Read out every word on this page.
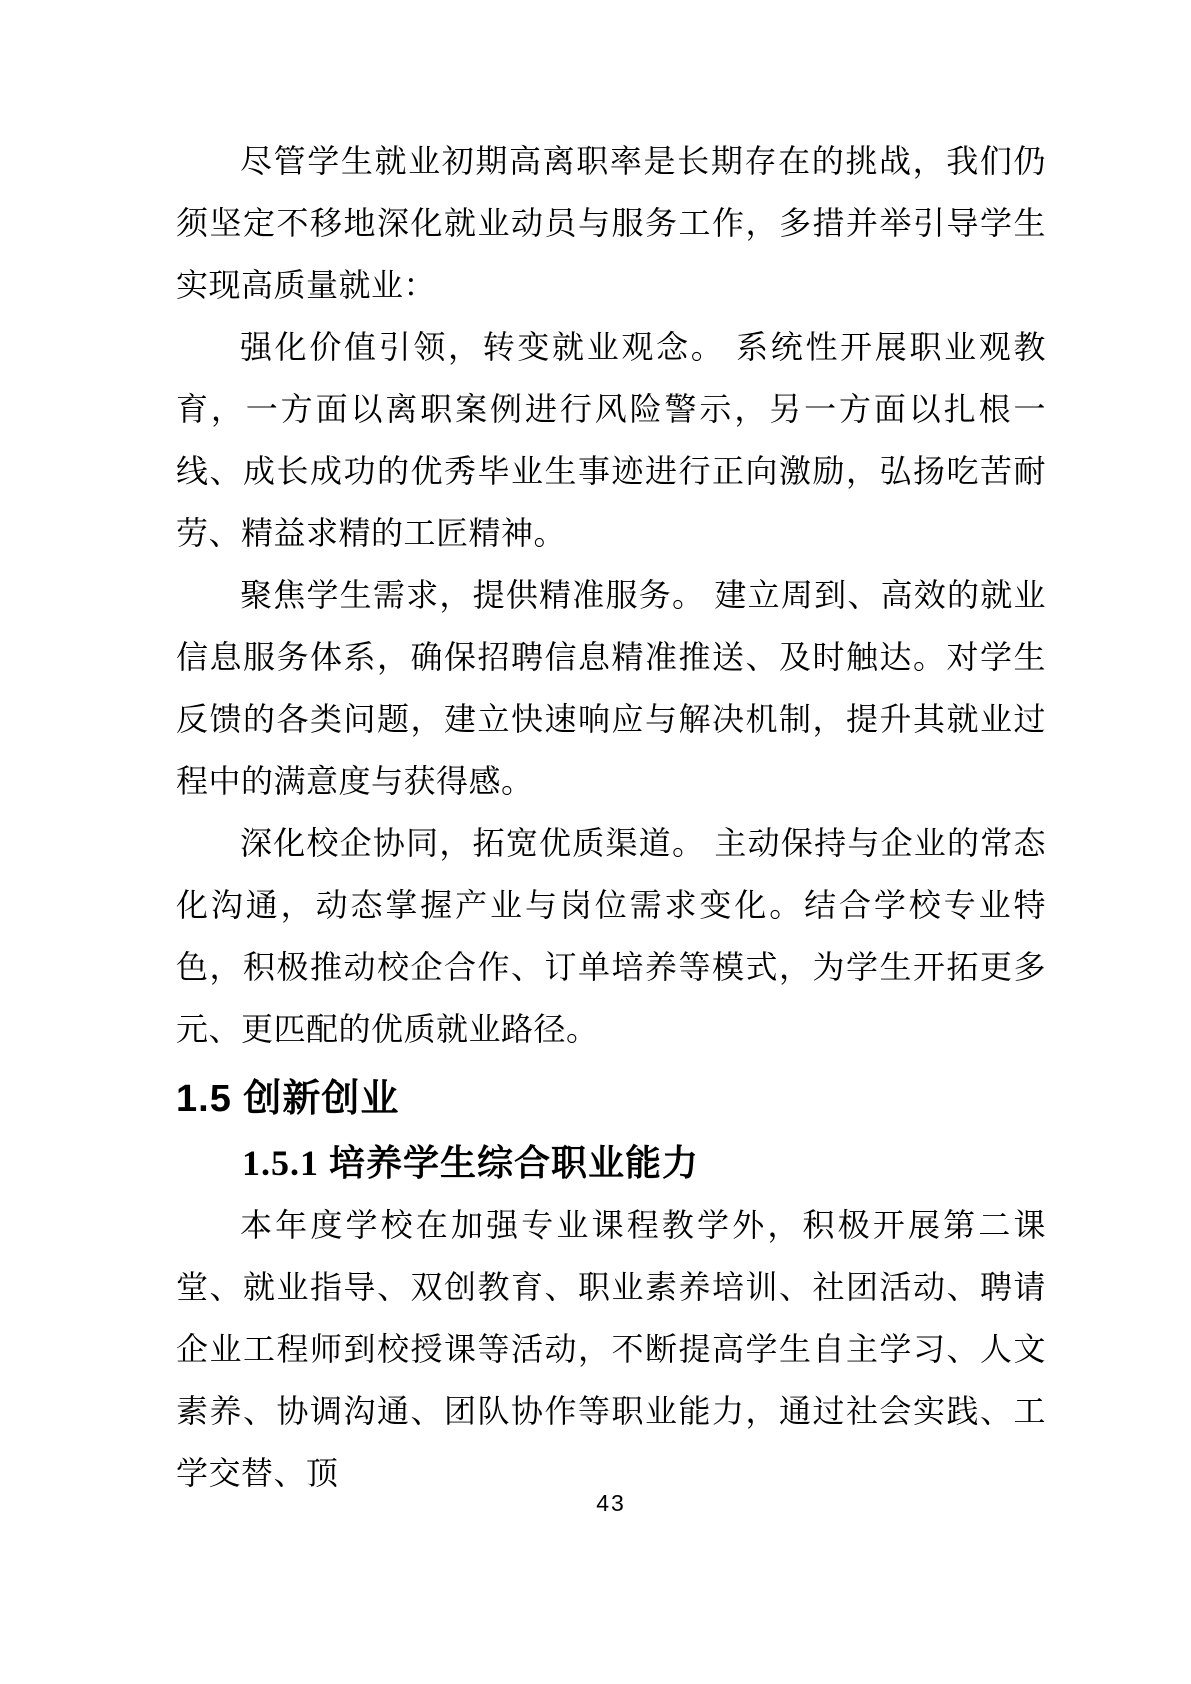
尽管学生就业初期高离职率是长期存在的挑战，我们仍须坚定不移地深化就业动员与服务工作，多措并举引导学生实现高质量就业：
强化价值引领，转变就业观念。 系统性开展职业观教育，一方面以离职案例进行风险警示，另一方面以扎根一线、成长成功的优秀毕业生事迹进行正向激励，弘扬吃苦耐劳、精益求精的工匠精神。
聚焦学生需求，提供精准服务。 建立周到、高效的就业信息服务体系，确保招聘信息精准推送、及时触达。对学生反馈的各类问题，建立快速响应与解决机制，提升其就业过程中的满意度与获得感。
深化校企协同，拓宽优质渠道。 主动保持与企业的常态化沟通，动态掌握产业与岗位需求变化。结合学校专业特色，积极推动校企合作、订单培养等模式，为学生开拓更多元、更匹配的优质就业路径。
1.5 创新创业
1.5.1 培养学生综合职业能力
本年度学校在加强专业课程教学外，积极开展第二课堂、就业指导、双创教育、职业素养培训、社团活动、聘请企业工程师到校授课等活动，不断提高学生自主学习、人文素养、协调沟通、团队协作等职业能力，通过社会实践、工学交替、顶
43
